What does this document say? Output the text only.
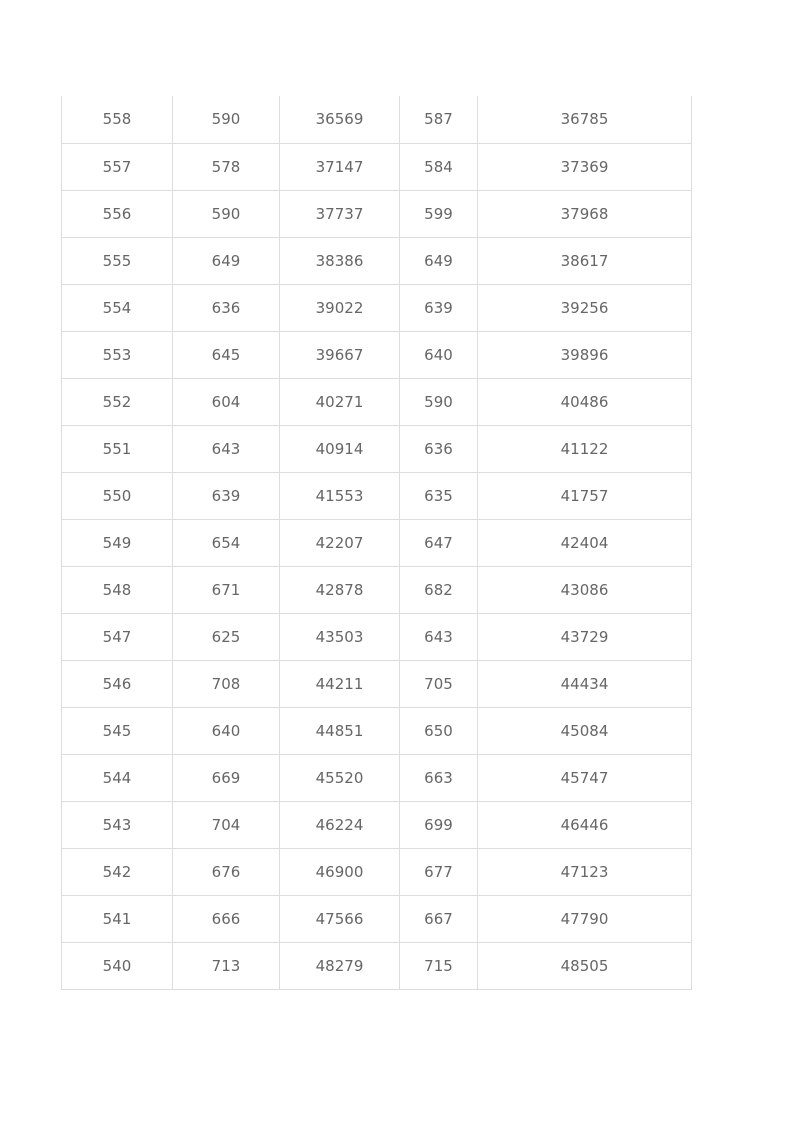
558	590	36569	587	36785
557	578	37147	584	37369
556	590	37737	599	37968
555	649	38386	649	38617
554	636	39022	639	39256
553	645	39667	640	39896
552	604	40271	590	40486
551	643	40914	636	41122
550	639	41553	635	41757
549	654	42207	647	42404
548	671	42878	682	43086
547	625	43503	643	43729
546	708	44211	705	44434
545	640	44851	650	45084
544	669	45520	663	45747
543	704	46224	699	46446
542	676	46900	677	47123
541	666	47566	667	47790
540	713	48279	715	48505
